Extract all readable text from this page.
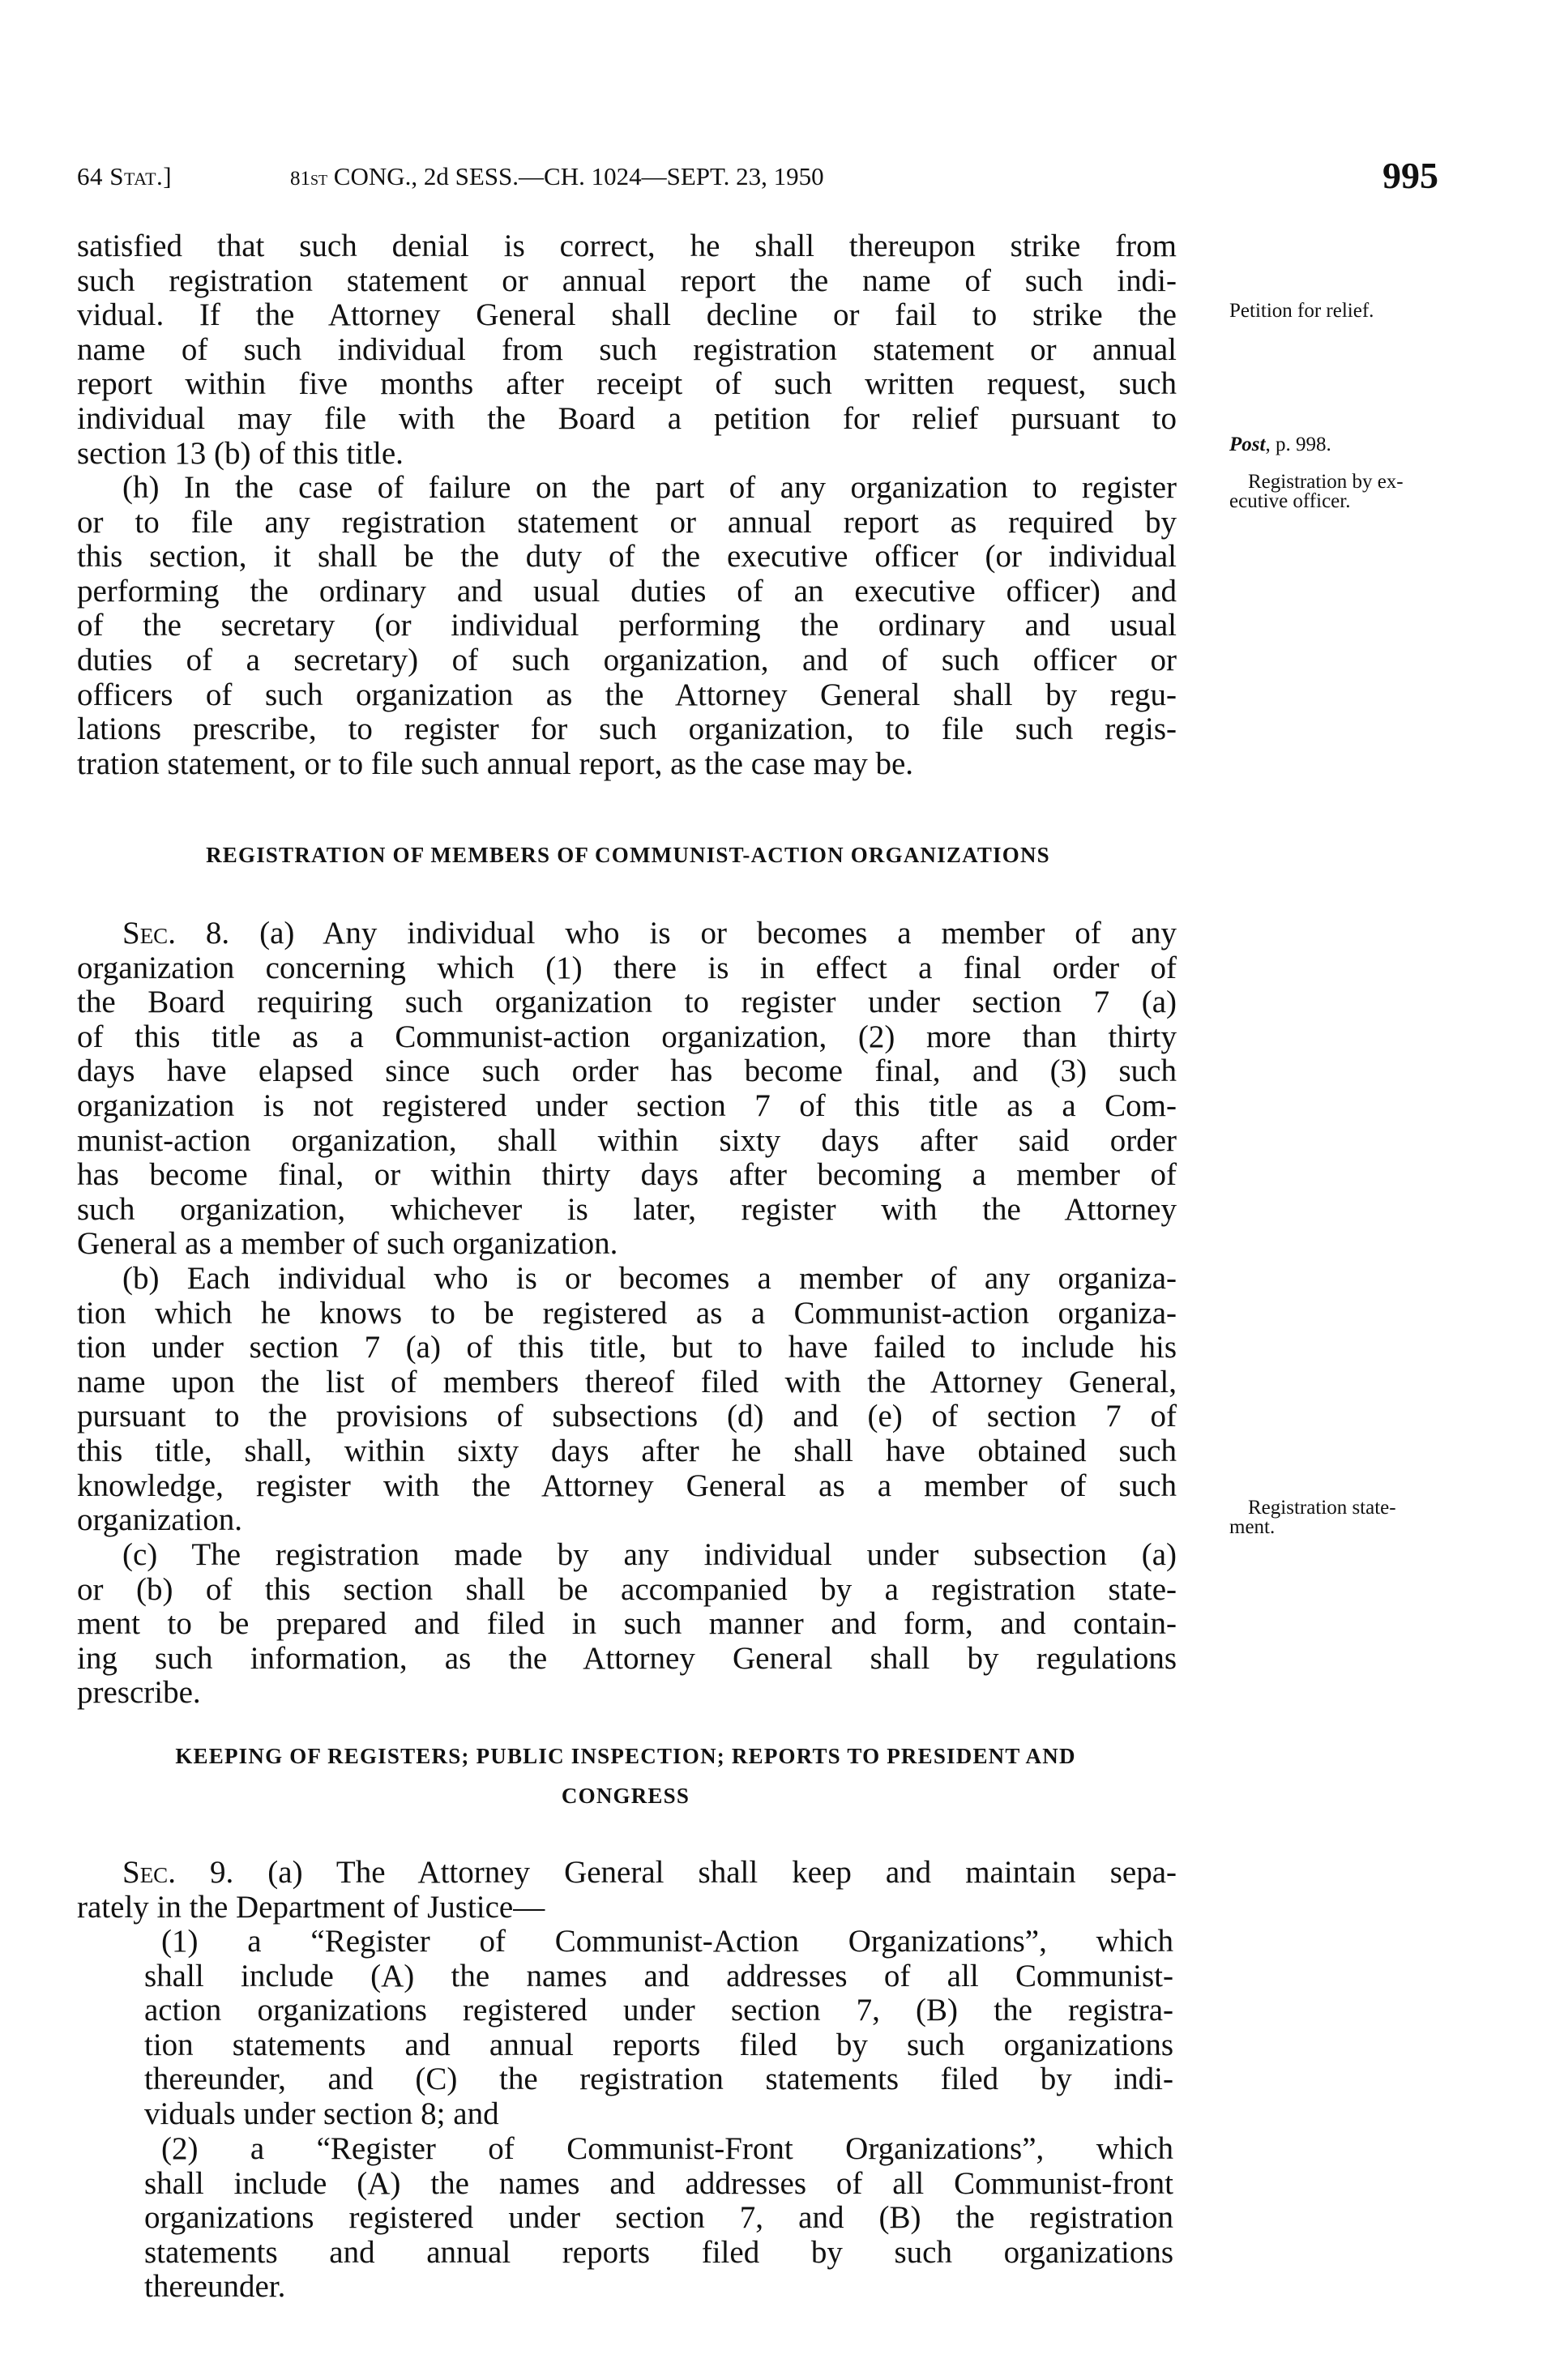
64 Stat.]	81st CONG., 2d SESS.—CH. 1024—SEPT. 23, 1950	995
satisfied that such denial is correct, he shall thereupon strike from
such registration statement or annual report the name of such indi-
vidual. If the Attorney General shall decline or fail to strike the
name of such individual from such registration statement or annual
report within five months after receipt of such written request, such
individual may file with the Board a petition for relief pursuant to
section 13 (b) of this title.
(h) In the case of failure on the part of any organization to register
or to file any registration statement or annual report as required by
this section, it shall be the duty of the executive officer (or individual
performing the ordinary and usual duties of an executive officer) and
of the secretary (or individual performing the ordinary and usual
duties of a secretary) of such organization, and of such officer or
officers of such organization as the Attorney General shall by regu-
lations prescribe, to register for such organization, to file such regis-
tration statement, or to file such annual report, as the case may be.
REGISTRATION OF MEMBERS OF COMMUNIST-ACTION ORGANIZATIONS
Sec. 8. (a) Any individual who is or becomes a member of any
organization concerning which (1) there is in effect a final order of
the Board requiring such organization to register under section 7 (a)
of this title as a Communist-action organization, (2) more than thirty
days have elapsed since such order has become final, and (3) such
organization is not registered under section 7 of this title as a Com-
munist-action organization, shall within sixty days after said order
has become final, or within thirty days after becoming a member of
such organization, whichever is later, register with the Attorney
General as a member of such organization.
(b) Each individual who is or becomes a member of any organiza-
tion which he knows to be registered as a Communist-action organiza-
tion under section 7 (a) of this title, but to have failed to include his
name upon the list of members thereof filed with the Attorney General,
pursuant to the provisions of subsections (d) and (e) of section 7 of
this title, shall, within sixty days after he shall have obtained such
knowledge, register with the Attorney General as a member of such
organization.
(c) The registration made by any individual under subsection (a)
or (b) of this section shall be accompanied by a registration state-
ment to be prepared and filed in such manner and form, and contain-
ing such information, as the Attorney General shall by regulations
prescribe.
KEEPING OF REGISTERS; PUBLIC INSPECTION; REPORTS TO PRESIDENT AND
CONGRESS
Sec. 9. (a) The Attorney General shall keep and maintain sepa-
rately in the Department of Justice—
(1) a “Register of Communist-Action Organizations”, which
shall include (A) the names and addresses of all Communist-
action organizations registered under section 7, (B) the registra-
tion statements and annual reports filed by such organizations
thereunder, and (C) the registration statements filed by indi-
viduals under section 8; and
(2) a “Register of Communist-Front Organizations”, which
shall include (A) the names and addresses of all Communist-front
organizations registered under section 7, and (B) the registration
statements and annual reports filed by such organizations
thereunder.
Petition for relief.
Post, p. 998.
Registration by ex-
ecutive officer.
Registration state-
ment.
